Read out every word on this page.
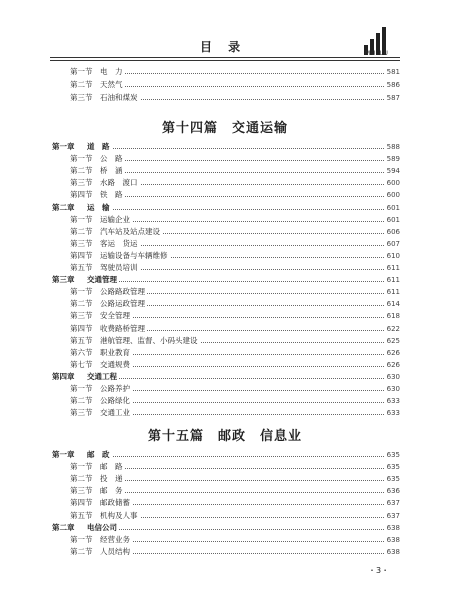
目 录	MU LU
第一节	电　力	581
第二节	天然气	586
第三节	石油和煤炭	587
第十四篇　交通运输
第一章	道　路	588
第一节	公　路	589
第二节	桥　涵	594
第三节	水路　渡口	600
第四节	铁　路	600
第二章	运　输	601
第一节	运输企业	601
第二节	汽车站及站点建设	606
第三节	客运　货运	607
第四节	运输设备与车辆维修	610
第五节	驾驶员培训	611
第三章	交通管理	611
第一节	公路路政管理	611
第二节	公路运政管理	614
第三节	安全管理	618
第四节	收费路桥管理	622
第五节	港航管理、监督、小码头建设	625
第六节	职业教育	626
第七节	交通规费	626
第四章	交通工程	630
第一节	公路养护	630
第二节	公路绿化	633
第三节	交通工业	633
第十五篇　邮政　信息业
第一章	邮　政	635
第一节	邮　路	635
第二节	投　递	635
第三节	邮　务	636
第四节	邮政储蓄	637
第五节	机构及人事	637
第二章	电信公司	638
第一节	经营业务	638
第二节	人员结构	638
・3・
